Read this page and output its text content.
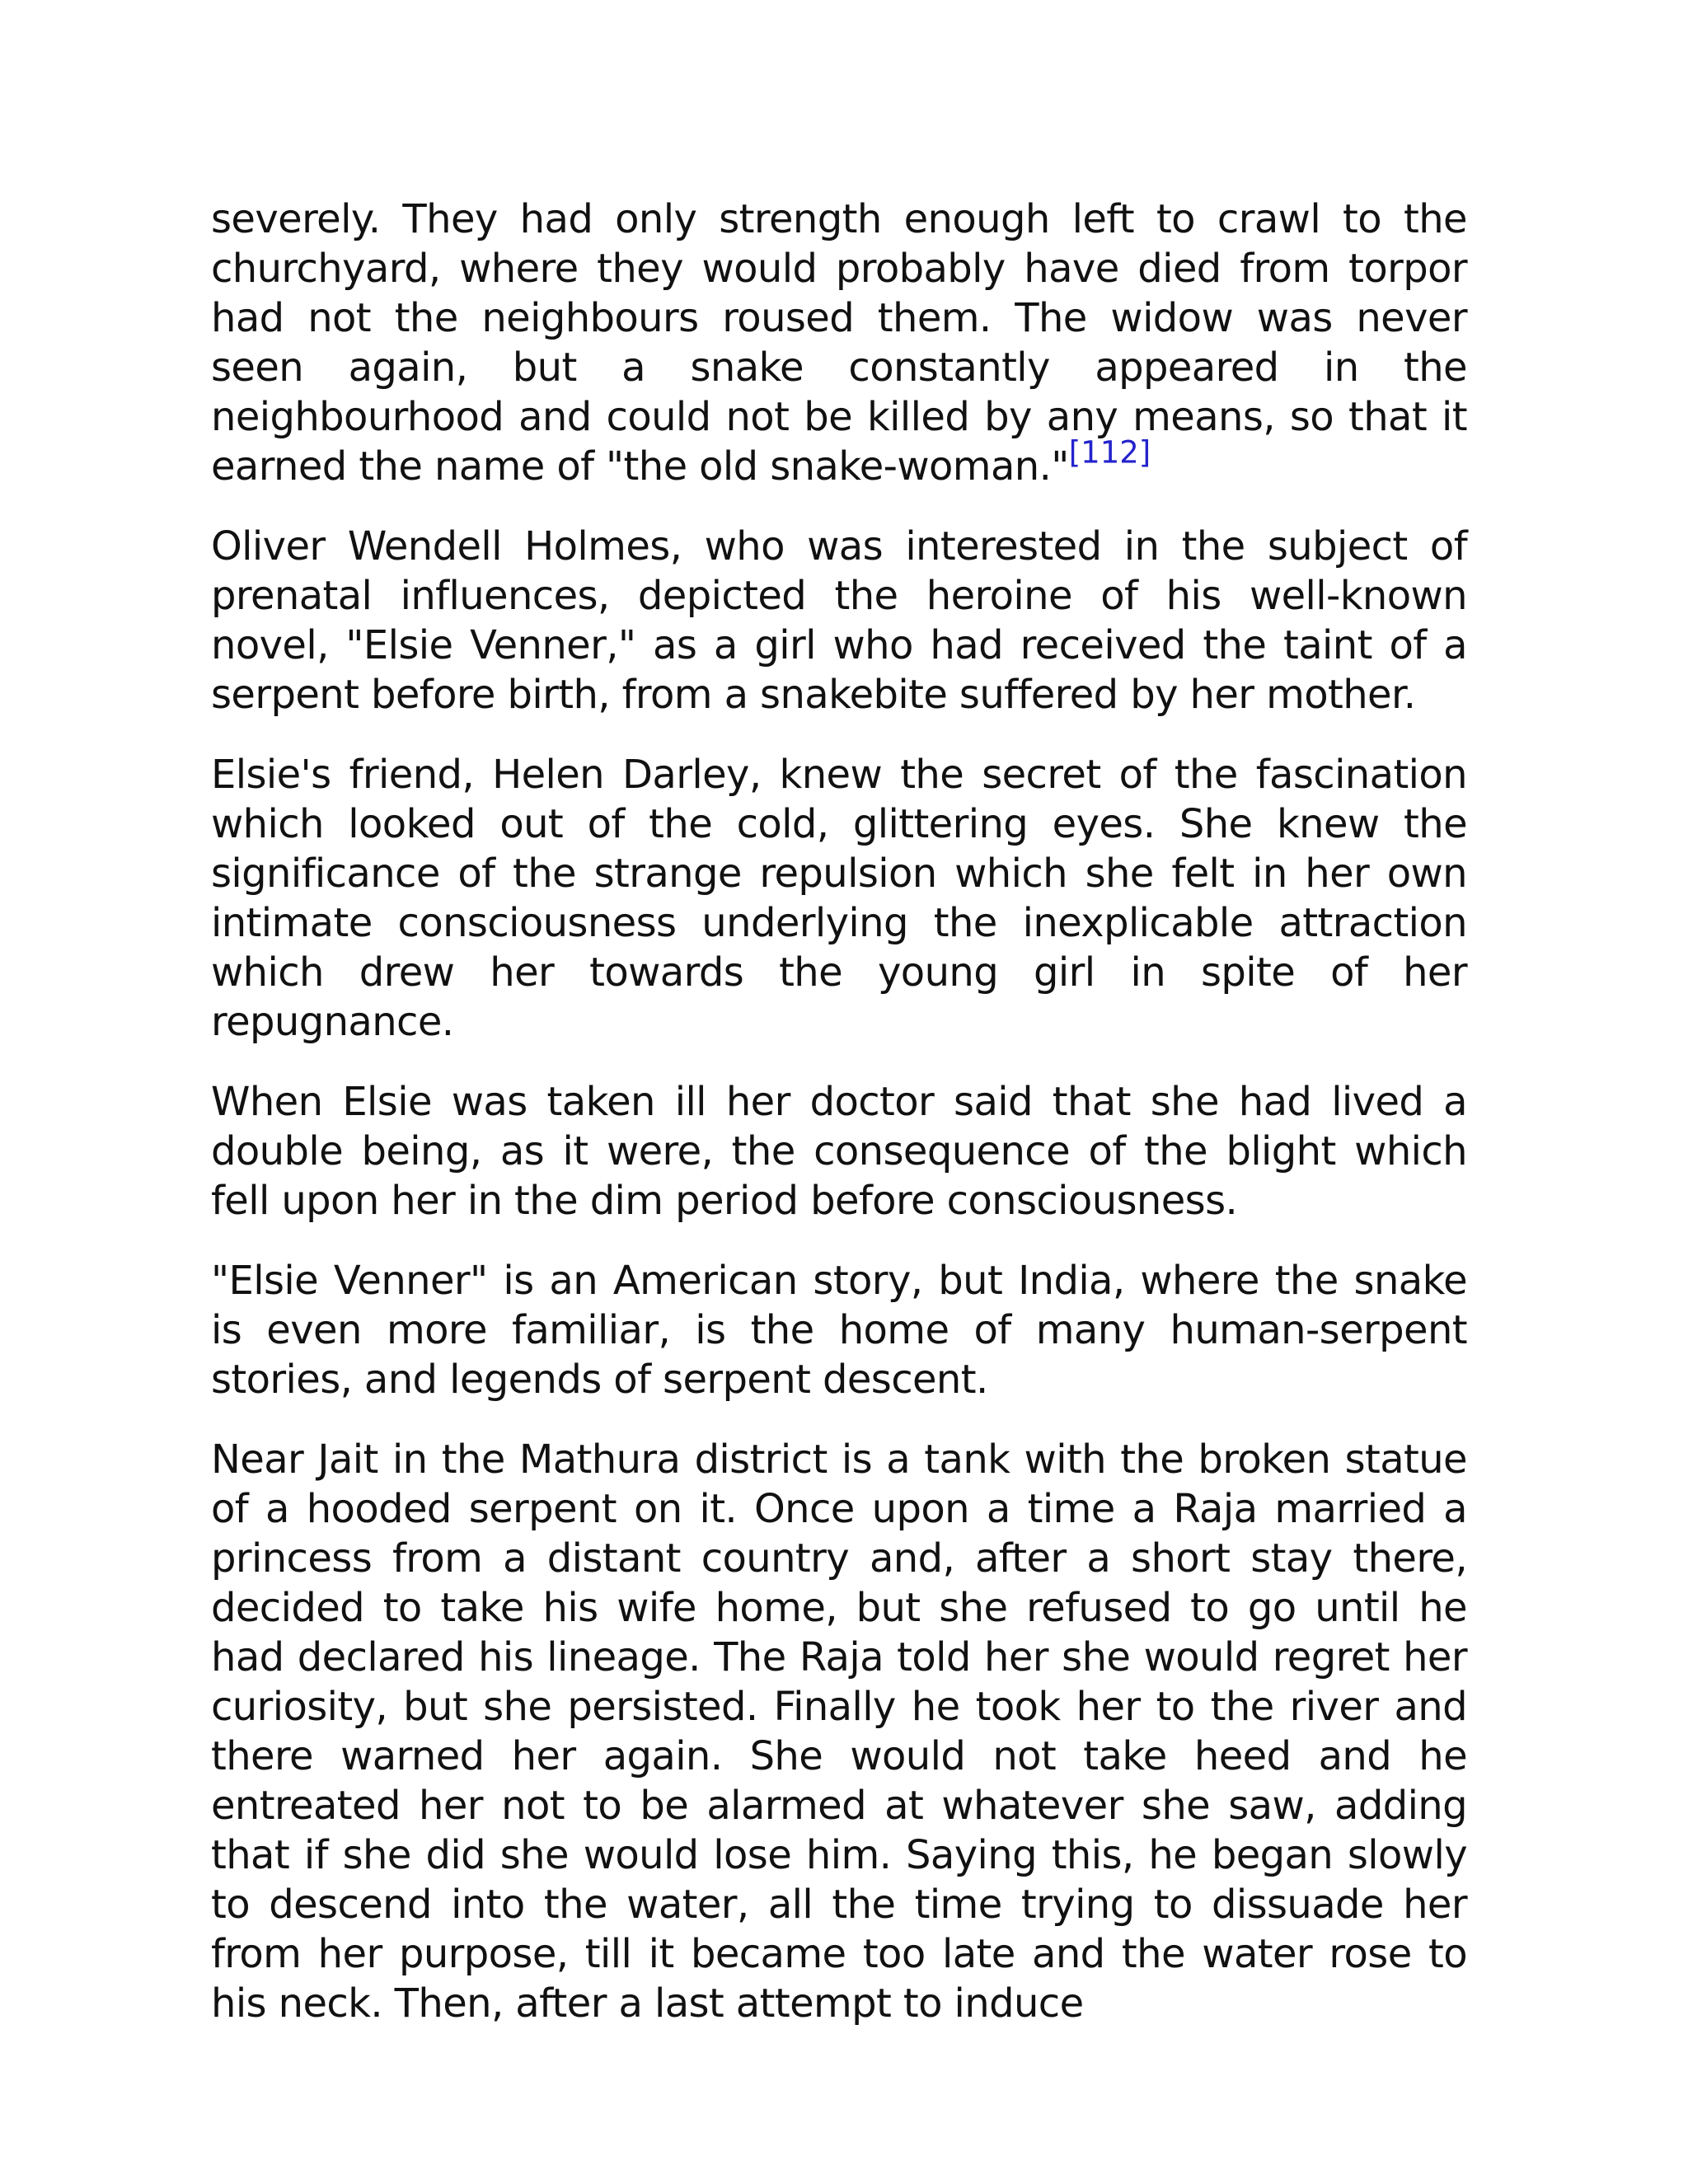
severely. They had only strength enough left to crawl to the churchyard, where they would probably have died from torpor had not the neighbours roused them. The widow was never seen again, but a snake constantly appeared in the neighbourhood and could not be killed by any means, so that it earned the name of "the old snake-woman."[112]

Oliver Wendell Holmes, who was interested in the subject of prenatal influences, depicted the heroine of his well-known novel, "Elsie Venner," as a girl who had received the taint of a serpent before birth, from a snakebite suffered by her mother.

Elsie's friend, Helen Darley, knew the secret of the fascination which looked out of the cold, glittering eyes. She knew the significance of the strange repulsion which she felt in her own intimate consciousness underlying the inexplicable attraction which drew her towards the young girl in spite of her repugnance.

When Elsie was taken ill her doctor said that she had lived a double being, as it were, the consequence of the blight which fell upon her in the dim period before consciousness.

"Elsie Venner" is an American story, but India, where the snake is even more familiar, is the home of many human-serpent stories, and legends of serpent descent.

Near Jait in the Mathura district is a tank with the broken statue of a hooded serpent on it. Once upon a time a Raja married a princess from a distant country and, after a short stay there, decided to take his wife home, but she refused to go until he had declared his lineage. The Raja told her she would regret her curiosity, but she persisted. Finally he took her to the river and there warned her again. She would not take heed and he entreated her not to be alarmed at whatever she saw, adding that if she did she would lose him. Saying this, he began slowly to descend into the water, all the time trying to dissuade her from her purpose, till it became too late and the water rose to his neck. Then, after a last attempt to induce
